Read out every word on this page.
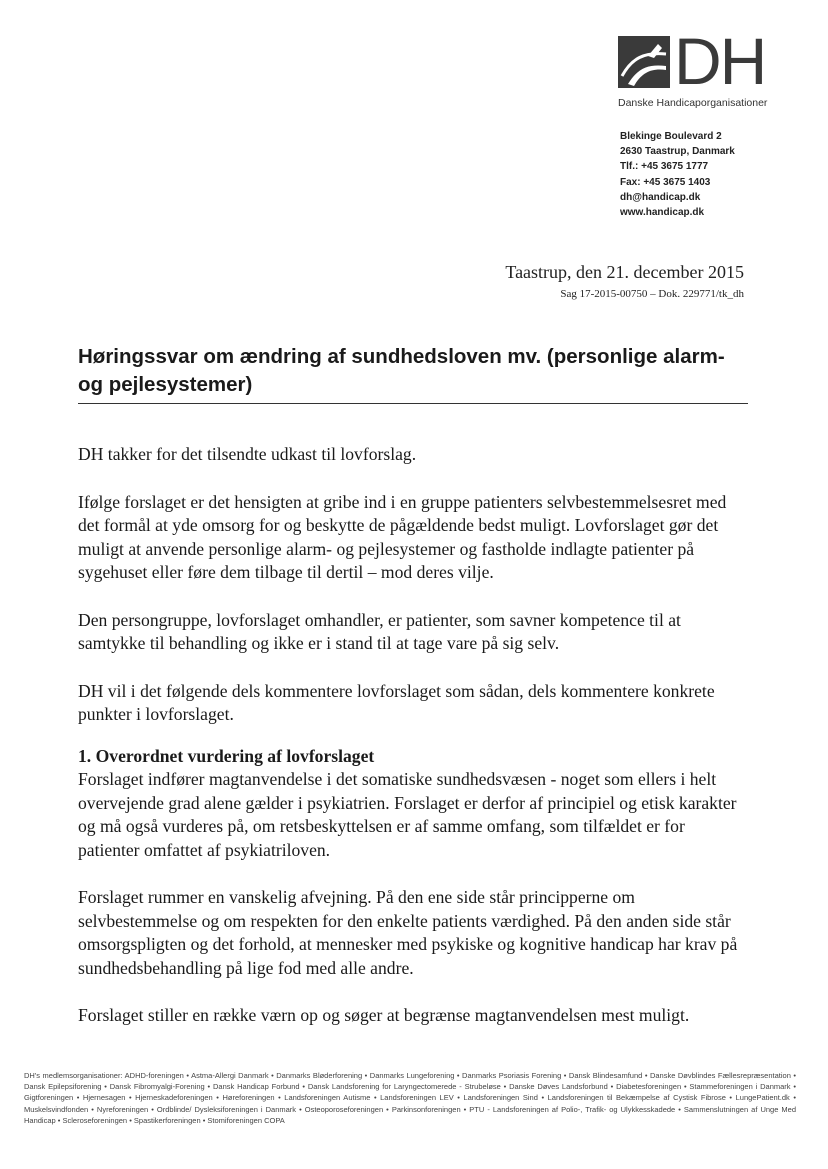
DH
Danske Handicaporganisationer
Blekinge Boulevard 2
2630 Taastrup, Danmark
Tlf.: +45 3675 1777
Fax: +45 3675 1403
dh@handicap.dk
www.handicap.dk
Taastrup, den 21. december 2015
Sag 17-2015-00750 – Dok. 229771/tk_dh
Høringssvar om ændring af sundhedsloven mv. (personlige alarm- og pejlesystemer)

DH takker for det tilsendte udkast til lovforslag.

Ifølge forslaget er det hensigten at gribe ind i en gruppe patienters selvbestemmelsesret med det formål at yde omsorg for og beskytte de pågældende bedst muligt. Lovforslaget gør det muligt at anvende personlige alarm- og pejlesystemer og fastholde indlagte patienter på sygehuset eller føre dem tilbage til dertil – mod deres vilje.

Den persongruppe, lovforslaget omhandler, er patienter, som savner kompetence til at samtykke til behandling og ikke er i stand til at tage vare på sig selv.

DH vil i det følgende dels kommentere lovforslaget som sådan, dels kommentere konkrete punkter i lovforslaget.

1. Overordnet vurdering af lovforslaget
Forslaget indfører magtanvendelse i det somatiske sundhedsvæsen - noget som ellers i helt overvejende grad alene gælder i psykiatrien. Forslaget er derfor af principiel og etisk karakter og må også vurderes på, om retsbeskyttelsen er af samme omfang, som tilfældet er for patienter omfattet af psykiatriloven.

Forslaget rummer en vanskelig afvejning. På den ene side står principperne om selvbestemmelse og om respekten for den enkelte patients værdighed. På den anden side står omsorgspligten og det forhold, at mennesker med psykiske og kognitive handicap har krav på sundhedsbehandling på lige fod med alle andre.

Forslaget stiller en række værn op og søger at begrænse magtanvendelsen mest muligt.

DH's medlemsorganisationer: ADHD-foreningen • Astma-Allergi Danmark • Danmarks Bløderforening • Danmarks Lungeforening • Danmarks Psoriasis Forening • Dansk Blindesamfund • Danske Døvblindes Fællesrepræsentation • Dansk Epilepsiforening • Dansk Fibromyalgi-Forening • Dansk Handicap Forbund • Dansk Landsforening for Laryngectomerede - Strubeløse • Danske Døves Landsforbund • Diabetesforeningen • Stammeforeningen i Danmark • Gigtforeningen • Hjernesagen • Hjerneskadeforeningen • Høreforeningen • Landsforeningen Autisme • Landsforeningen LEV • Landsforeningen Sind • Landsforeningen til Bekæmpelse af Cystisk Fibrose • LungePatient.dk • Muskelsvindfonden • Nyreforeningen • Ordblinde/ Dysleksiforeningen i Danmark • Osteoporoseforeningen • Parkinsonforeningen • PTU - Landsforeningen af Polio-, Trafik- og Ulykkesskadede • Sammenslutningen af Unge Med Handicap • Scleroseforeningen • Spastikerforeningen • Stomiforeningen COPA
